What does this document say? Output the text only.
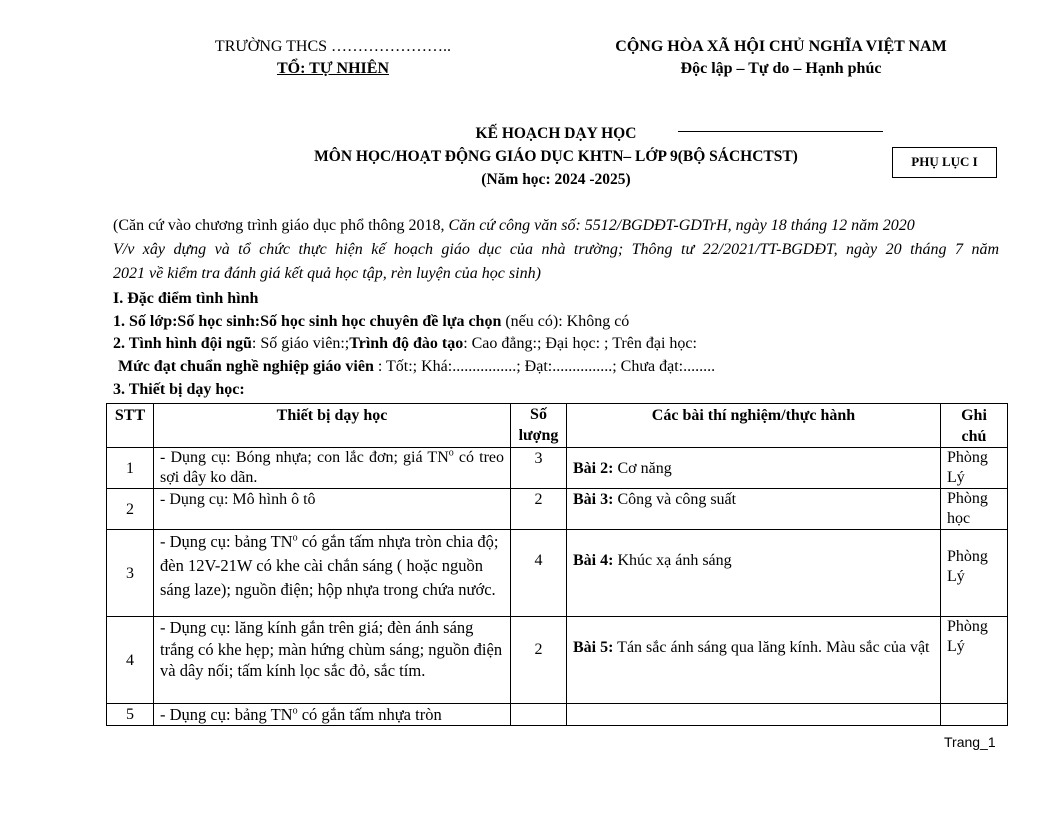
TRƯỜNG THCS …………………..
TỔ: TỰ NHIÊN
CỘNG HÒA XÃ HỘI CHỦ NGHĨA VIỆT NAM
Độc lập – Tự do – Hạnh phúc
KẾ HOẠCH DẠY HỌC
MÔN HỌC/HOẠT ĐỘNG GIÁO DỤC KHTN– LỚP 9(BỘ SÁCHCTST)
(Năm học: 2024 -2025)
PHỤ LỤC I
(Căn cứ vào chương trình giáo dục phổ thông 2018, Căn cứ công văn số: 5512/BGDĐT-GDTrH, ngày 18 tháng 12 năm 2020
V/v xây dựng và tổ chức thực hiện kế hoạch giáo dục của nhà trường; Thông tư 22/2021/TT-BGDĐT, ngày 20 tháng 7 năm
2021 về kiểm tra đánh giá kết quả học tập, rèn luyện của học sinh)
I. Đặc điểm tình hình
1. Số lớp:Số học sinh:Số học sinh học chuyên đề lựa chọn (nếu có): Không có
2. Tình hình đội ngũ: Số giáo viên:;Trình độ đào tạo: Cao đẳng:; Đại học: ; Trên đại học:
Mức đạt chuẩn nghề nghiệp giáo viên : Tốt:; Khá:................; Đạt:...............; Chưa đạt:........
3. Thiết bị dạy học:
STT	Thiết bị dạy học	Số lượng	Các bài thí nghiệm/thực hành	Ghi chú
1	- Dụng cụ: Bóng nhựa; con lắc đơn; giá $TN^o$ có treo sợi dây ko dãn.	3	Bài 2: Cơ năng	Phòng Lý
2	- Dụng cụ: Mô hình ô tô	2	Bài 3: Công và công suất	Phòng học
3	- Dụng cụ: bảng $TN^o$ có gắn tấm nhựa tròn chia độ; đèn 12V-21W có khe cài chắn sáng ( hoặc nguồn sáng laze); nguồn điện; hộp nhựa trong chứa nước.	4	Bài 4: Khúc xạ ánh sáng	Phòng Lý
4	- Dụng cụ: lăng kính gắn trên giá; đèn ánh sáng trắng có khe hẹp; màn hứng chùm sáng; nguồn điện và dây nối; tấm kính lọc sắc đỏ, sắc tím.	2	Bài 5: Tán sắc ánh sáng qua lăng kính. Màu sắc của vật	Phòng Lý
5	- Dụng cụ: bảng $TN^o$ có gắn tấm nhựa tròn			
Trang_1
